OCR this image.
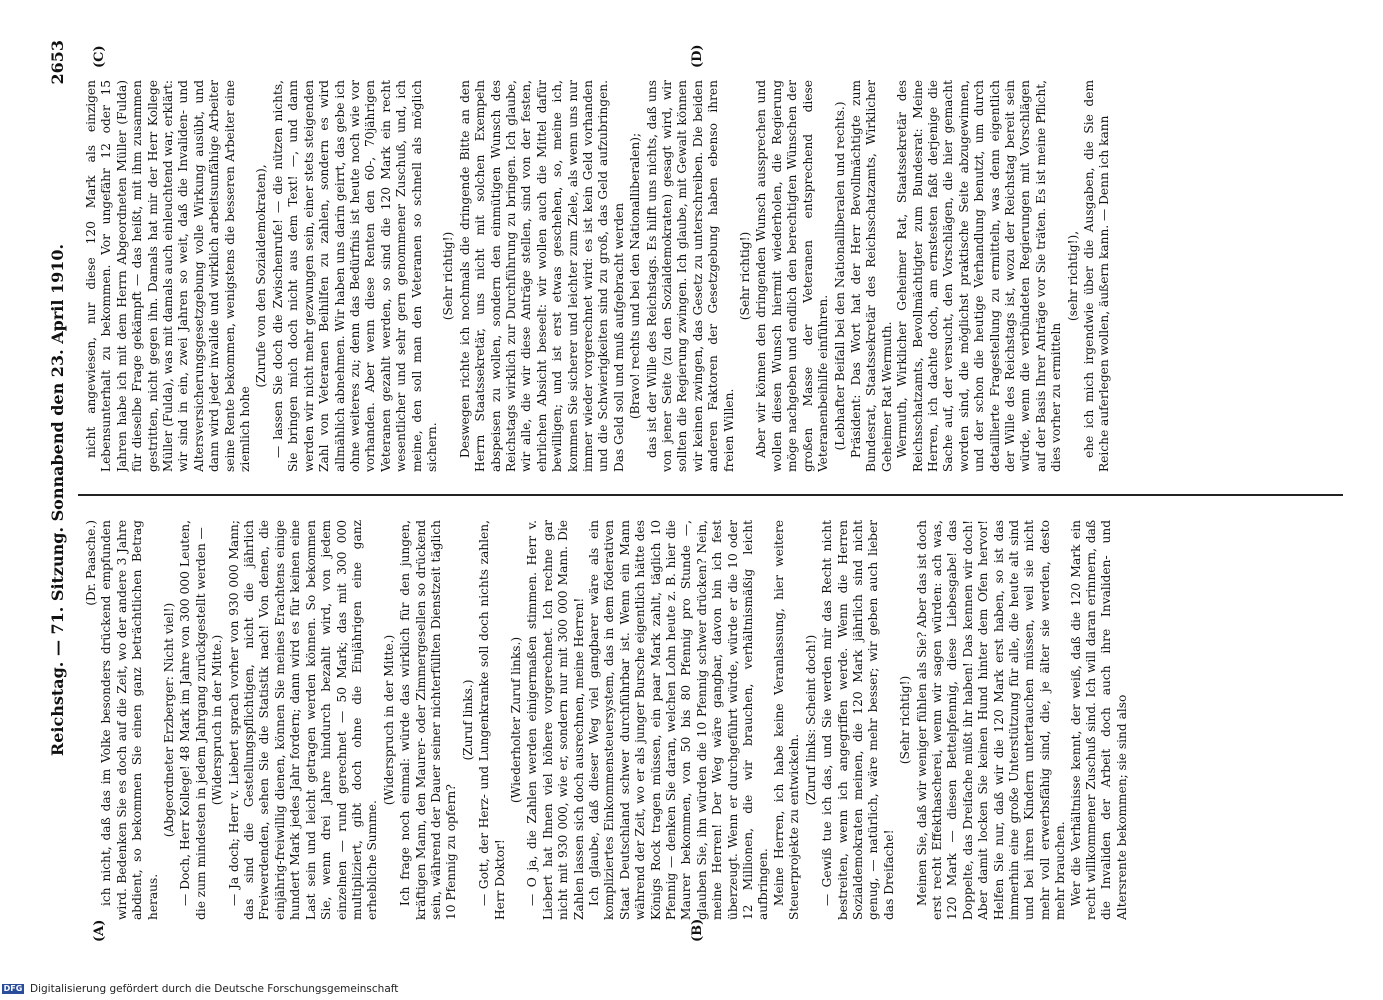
Reichstag. — 71. Sitzung. Sonnabend den 23. April 1910.
2653
(A)	(B)
(C)	(D)

(Dr. Paasche.) ich nicht, daß das im Volke besonders drückend empfunden wird. Bedenken Sie es doch auf die Zeit, wo der andere 3 Jahre abdient, so bekommen Sie einen ganz beträchtlichen Betrag heraus.

(Abgeordneter Erzberger: Nicht viel!) — Doch, Herr Kollege! 48 Mark im Jahre von 300 000 Leuten, die zum mindesten in jedem Jahrgang zurückgestellt werden — (Widerspruch in der Mitte.) — Ja doch; Herr v. Liebert sprach vorher von 930 000 Mann; das sind die Gestellungspflichtigen, nicht die jährlich Freiwerdenden, sehen Sie die Statistik nach! Von denen, die einjährig-freiwillig dienen, können Sie meines Erachtens einige hundert Mark jedes Jahr fordern; dann wird es für keinen eine Last sein und leicht getragen werden können. So bekommen Sie, wenn drei Jahre hindurch bezahlt wird, von jedem einzelnen — rund gerechnet — 50 Mark; das mit 300 000 multipliziert, gibt doch ohne die Einjährigen eine ganz erhebliche Summe.

(Widerspruch in der Mitte.) Ich frage noch einmal: würde das wirklich für den jungen, kräftigen Mann, den Maurer- oder Zimmergesellen so drückend sein, während der Dauer seiner nichterfüllten Dienstzeit täglich 10 Pfennig zu opfern?

(Zuruf links.) — Gott, der Herz- und Lungenkranke soll doch nichts zahlen, Herr Doktor!

(Wiederholter Zuruf links.) — O ja, die Zahlen werden einigermaßen stimmen. Herr v. Liebert hat Ihnen viel höhere vorgerechnet. Ich rechne gar nicht mit 930 000, wie er, sondern nur mit 300 000 Mann. Die Zahlen lassen sich doch ausrechnen, meine Herren! Ich glaube, daß dieser Weg viel gangbarer wäre als ein kompliziertes Einkommensteuersystem, das in dem föderativen Staat Deutschland schwer durchführbar ist. Wenn ein Mann während der Zeit, wo er als junger Bursche eigentlich hätte des Königs Rock tragen müssen, ein paar Mark zahlt, täglich 10 Pfennig — denken Sie daran, welchen Lohn heute z. B. hier die Maurer bekommen, von 50 bis 80 Pfennig pro Stunde —, glauben Sie, ihn würden die 10 Pfennig schwer drücken? Nein, meine Herren! Der Weg wäre gangbar, davon bin ich fest überzeugt. Wenn er durchgeführt würde, würde er die 10 oder 12 Millionen, die wir brauchen, verhältnismäßig leicht aufbringen. Meine Herren, ich habe keine Veranlassung, hier weitere Steuerprojekte zu entwickeln.

(Zuruf links: Scheint doch!) — Gewiß tue ich das, und Sie werden mir das Recht nicht bestreiten, wenn ich angegriffen werde. Wenn die Herren Sozialdemokraten meinen, die 120 Mark jährlich sind nicht genug, — natürlich, wäre mehr besser; wir geben auch lieber das Dreifache!

(Sehr richtig!) Meinen Sie, daß wir weniger fühlen als Sie? Aber das ist doch erst recht Effekthascherei, wenn wir sagen würden: ach was, 120 Mark — diesen Bettelpfennig, diese Liebesgabe! das Doppelte, das Dreifache müßt ihr haben! Das kennen wir doch! Aber damit locken Sie keinen Hund hinter dem Ofen hervor! Helfen Sie nur, daß wir die 120 Mark erst haben, so ist das immerhin eine große Unterstützung für alle, die heute alt sind und bei ihren Kindern untertauchen müssen, weil sie nicht mehr voll erwerbsfähig sind, die, je älter sie werden, desto mehr brauchen. Wer die Verhältnisse kennt, der weiß, daß die 120 Mark ein recht willkommener Zuschuß sind. Ich will daran erinnern, daß die Invaliden der Arbeit doch auch ihre Invaliden- und Altersrente bekommen; sie sind also

nicht angewiesen, nur diese 120 Mark als einzigen Lebensunterhalt zu bekommen. Vor ungefähr 12 oder 15 Jahren habe ich mit dem Herrn Abgeordneten Müller (Fulda) für dieselbe Frage gekämpft — das heißt, mit ihm zusammen gestritten, nicht gegen ihn. Damals hat mir der Herr Kollege Müller (Fulda), was mit damals auch einleuchtend war, erklärt: wir sind in ein, zwei Jahren so weit, daß die Invaliden- und Altersversicherungsgesetzgebung volle Wirkung ausübt, und dann wird jeder invalide und wirklich arbeitsunfähige Arbeiter seine Rente bekommen, wenigstens die besseren Arbeiter eine ziemlich hohe

(Zurufe von den Sozialdemokraten), — lassen Sie doch die Zwischenrufe! — die nützen nichts, Sie bringen mich doch nicht aus dem Text! —, und dann werden wir nicht mehr gezwungen sein, einer stets steigenden Zahl von Veteranen Beihilfen zu zahlen, sondern es wird allmählich abnehmen. Wir haben uns darin geirrt, das gebe ich ohne weiteres zu; denn das Bedürfnis ist heute noch wie vor vorhanden. Aber wenn diese Renten den 60-, 70jährigen Veteranen gezahlt werden, so sind die 120 Mark ein recht wesentlicher und sehr gern genommener Zuschuß, und, ich meine, den soll man den Veteranen so schnell als möglich sichern.

(Sehr richtig!) Deswegen richte ich nochmals die dringende Bitte an den Herrn Staatssekretär, uns nicht mit solchen Exempeln abspeisen zu wollen, sondern den einmütigen Wunsch des Reichstags wirklich zur Durchführung zu bringen. Ich glaube, wir alle, die wir diese Anträge stellen, sind von der festen, ehrlichen Absicht beseelt: wir wollen auch die Mittel dafür bewilligen; und ist erst etwas geschehen, so, meine ich, kommen Sie sicherer und leichter zum Ziele, als wenn uns nur immer wieder vorgerechnet wird: es ist kein Geld vorhanden und die Schwierigkeiten sind zu groß, das Geld aufzubringen. Das Geld soll und muß aufgebracht werden (Bravo! rechts und bei den Nationalliberalen); das ist der Wille des Reichstags. Es hilft uns nichts, daß uns von jener Seite (zu den Sozialdemokraten) gesagt wird, wir sollten die Regierung zwingen. Ich glaube, mit Gewalt können wir keinen zwingen, das Gesetz zu unterschreiben. Die beiden anderen Faktoren der Gesetzgebung haben ebenso ihren freien Willen.

(Sehr richtig!) Aber wir können den dringenden Wunsch aussprechen und wollen diesen Wunsch hiermit wiederholen, die Regierung möge nachgeben und endlich den berechtigten Wünschen der großen Masse der Veteranen entsprechend diese Veteranenbeihilfe einführen. (Lebhafter Beifall bei den Nationalliberalen und rechts.) Präsident: Das Wort hat der Herr Bevollmächtigte zum Bundesrat, Staatssekretär des Reichsschatzamts, Wirklicher Geheimer Rat Wermuth. Wermuth, Wirklicher Geheimer Rat, Staatssekretär des Reichsschatzamts, Bevollmächtigter zum Bundesrat: Meine Herren, ich dachte doch, am ernstesten faßt derjenige die Sache auf, der versucht, den Vorschlägen, die hier gemacht worden sind, die möglichst praktische Seite abzugewinnen, und der schon die heutige Verhandlung benutzt, um durch detaillierte Fragestellung zu ermitteln, was denn eigentlich der Wille des Reichstags ist, wozu der Reichstag bereit sein würde, wenn die verbündeten Regierungen mit Vorschlägen auf der Basis Ihrer Anträge vor Sie träten. Es ist meine Pflicht, dies vorher zu ermitteln

(sehr richtig!), ehe ich mich irgendwie über die Ausgaben, die Sie dem Reiche auferlegen wollen, äußern kann. — Denn ich kann

DFG Digitalisierung gefördert durch die Deutsche Forschungsgemeinschaft
